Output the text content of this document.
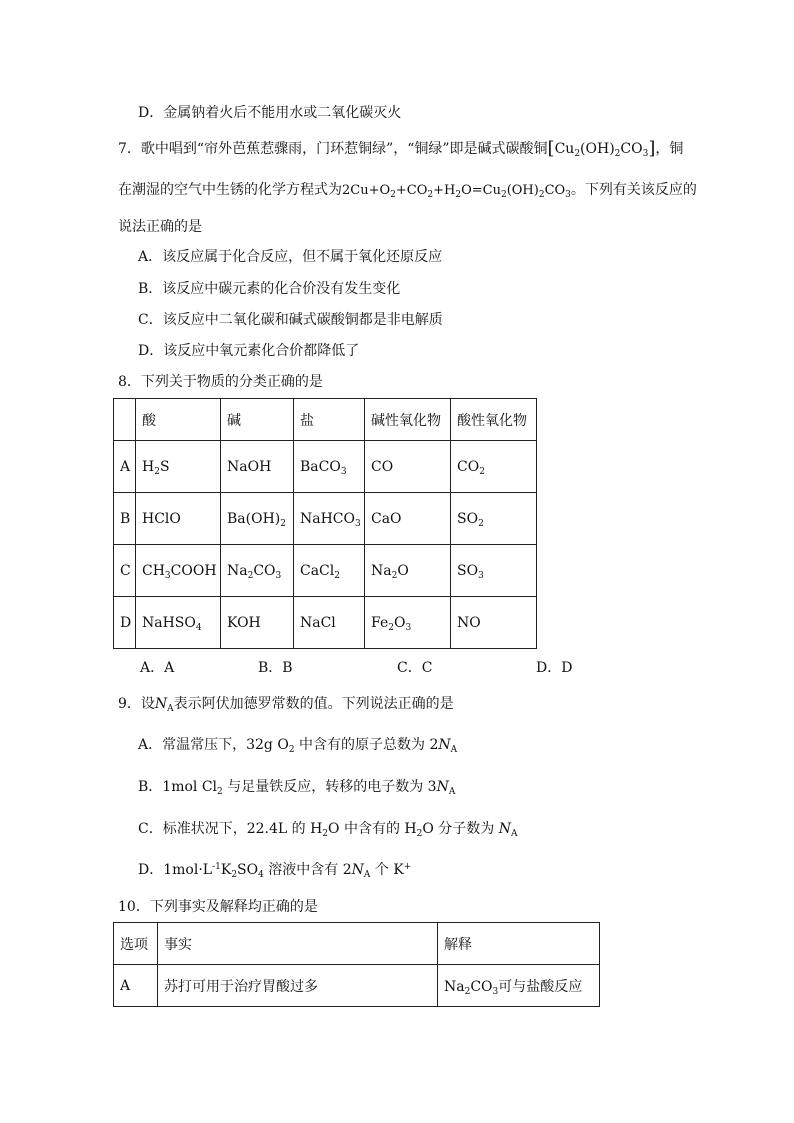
D．金属钠着火后不能用水或二氧化碳灭火
7．歌中唱到“帘外芭蕉惹骤雨，门环惹铜绿”，“铜绿”即是碱式碳酸铜$[Cu_2(OH)_2CO_3]$，铜
在潮湿的空气中生锈的化学方程式为$2Cu+O_2+CO_2+H_2O=Cu_2(OH)_2CO_3$。下列有关该反应的
说法正确的是
A．该反应属于化合反应，但不属于氧化还原反应
B．该反应中碳元素的化合价没有发生变化
C．该反应中二氧化碳和碱式碳酸铜都是非电解质
D．该反应中氧元素化合价都降低了
8．下列关于物质的分类正确的是
	酸	碱	盐	碱性氧化物	酸性氧化物
A	$H_2S$	NaOH	BaCO$_3$	CO	$CO_2$
B	HClO	$Ba(OH)_2$	NaHCO$_3$	CaO	$SO_2$
C	$CH_3COOH$	$Na_2CO_3$	CaCl$_2$	$Na_2O$	$SO_3$
D	NaHSO$_4$	KOH	NaCl	$Fe_2O_3$	NO
A．A	B．B	C．C	D．D
9．设$N_A$表示阿伏加德罗常数的值。下列说法正确的是
A．常温常压下，32g $O_2$ 中含有的原子总数为 $2N_A$
B．1mol $Cl_2$ 与足量铁反应，转移的电子数为 $3N_A$
C．标准状况下，22.4L 的 $H_2O$ 中含有的 $H_2O$ 分子数为 $N_A$
D．$1mol\cdot L^{-1}K_2SO_4$ 溶液中含有 $2N_A$ 个 K+
10．下列事实及解释均正确的是
选项	事实	解释
A	苏打可用于治疗胃酸过多	$Na_2CO_3$可与盐酸反应
